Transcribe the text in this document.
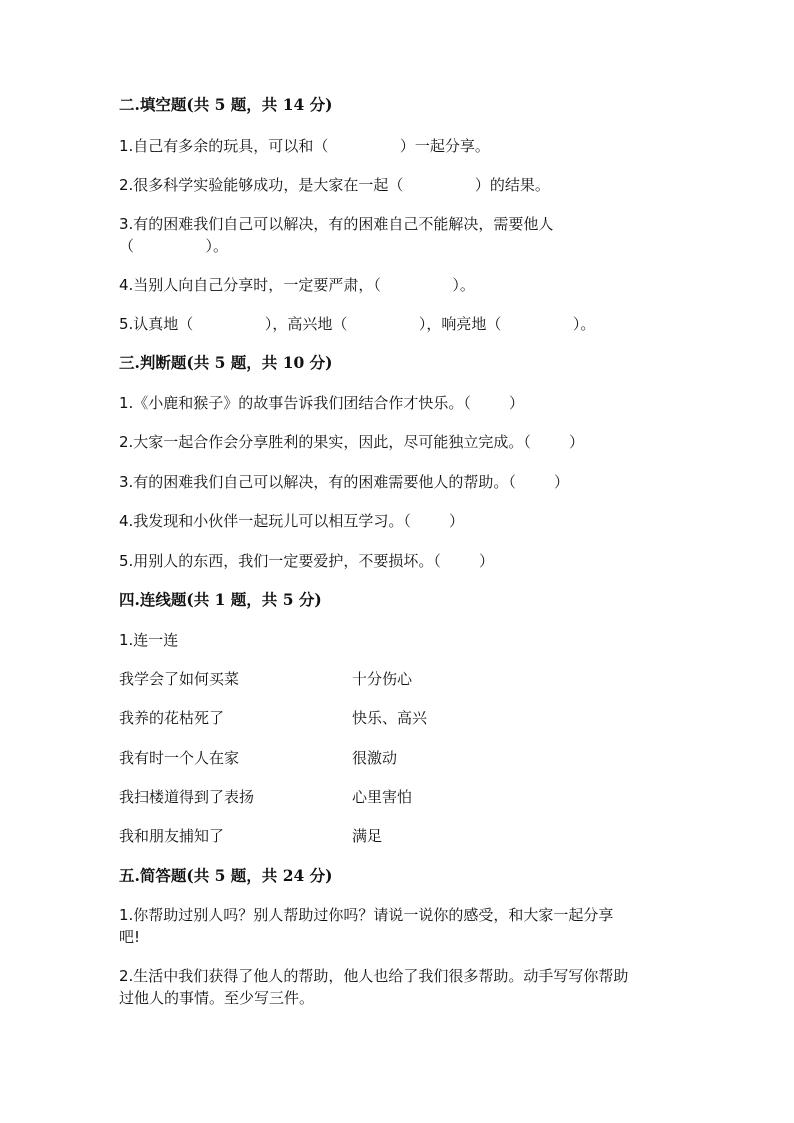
二.填空题(共 5 题，共 14 分)
1.自己有多余的玩具，可以和（               ）一起分享。
2.很多科学实验能够成功，是大家在一起（               ）的结果。
3.有的困难我们自己可以解决，有的困难自己不能解决，需要他人
（               ）。
4.当别人向自己分享时，一定要严肃，（               ）。
5.认真地（               ），高兴地（               ），响亮地（               ）。
三.判断题(共 5 题，共 10 分)
1.《小鹿和猴子》的故事告诉我们团结合作才快乐。（        ）
2.大家一起合作会分享胜利的果实，因此，尽可能独立完成。（        ）
3.有的困难我们自己可以解决，有的困难需要他人的帮助。（        ）
4.我发现和小伙伴一起玩儿可以相互学习。（        ）
5.用别人的东西，我们一定要爱护，不要损坏。（        ）
四.连线题(共 1 题，共 5 分)
1.连一连
我学会了如何买菜	十分伤心
我养的花枯死了	快乐、高兴
我有时一个人在家	很激动
我扫楼道得到了表扬	心里害怕
我和朋友捕知了	满足
五.简答题(共 5 题，共 24 分)
1.你帮助过别人吗？别人帮助过你吗？请说一说你的感受，和大家一起分享
吧!
2.生活中我们获得了他人的帮助，他人也给了我们很多帮助。动手写写你帮助
过他人的事情。至少写三件。
